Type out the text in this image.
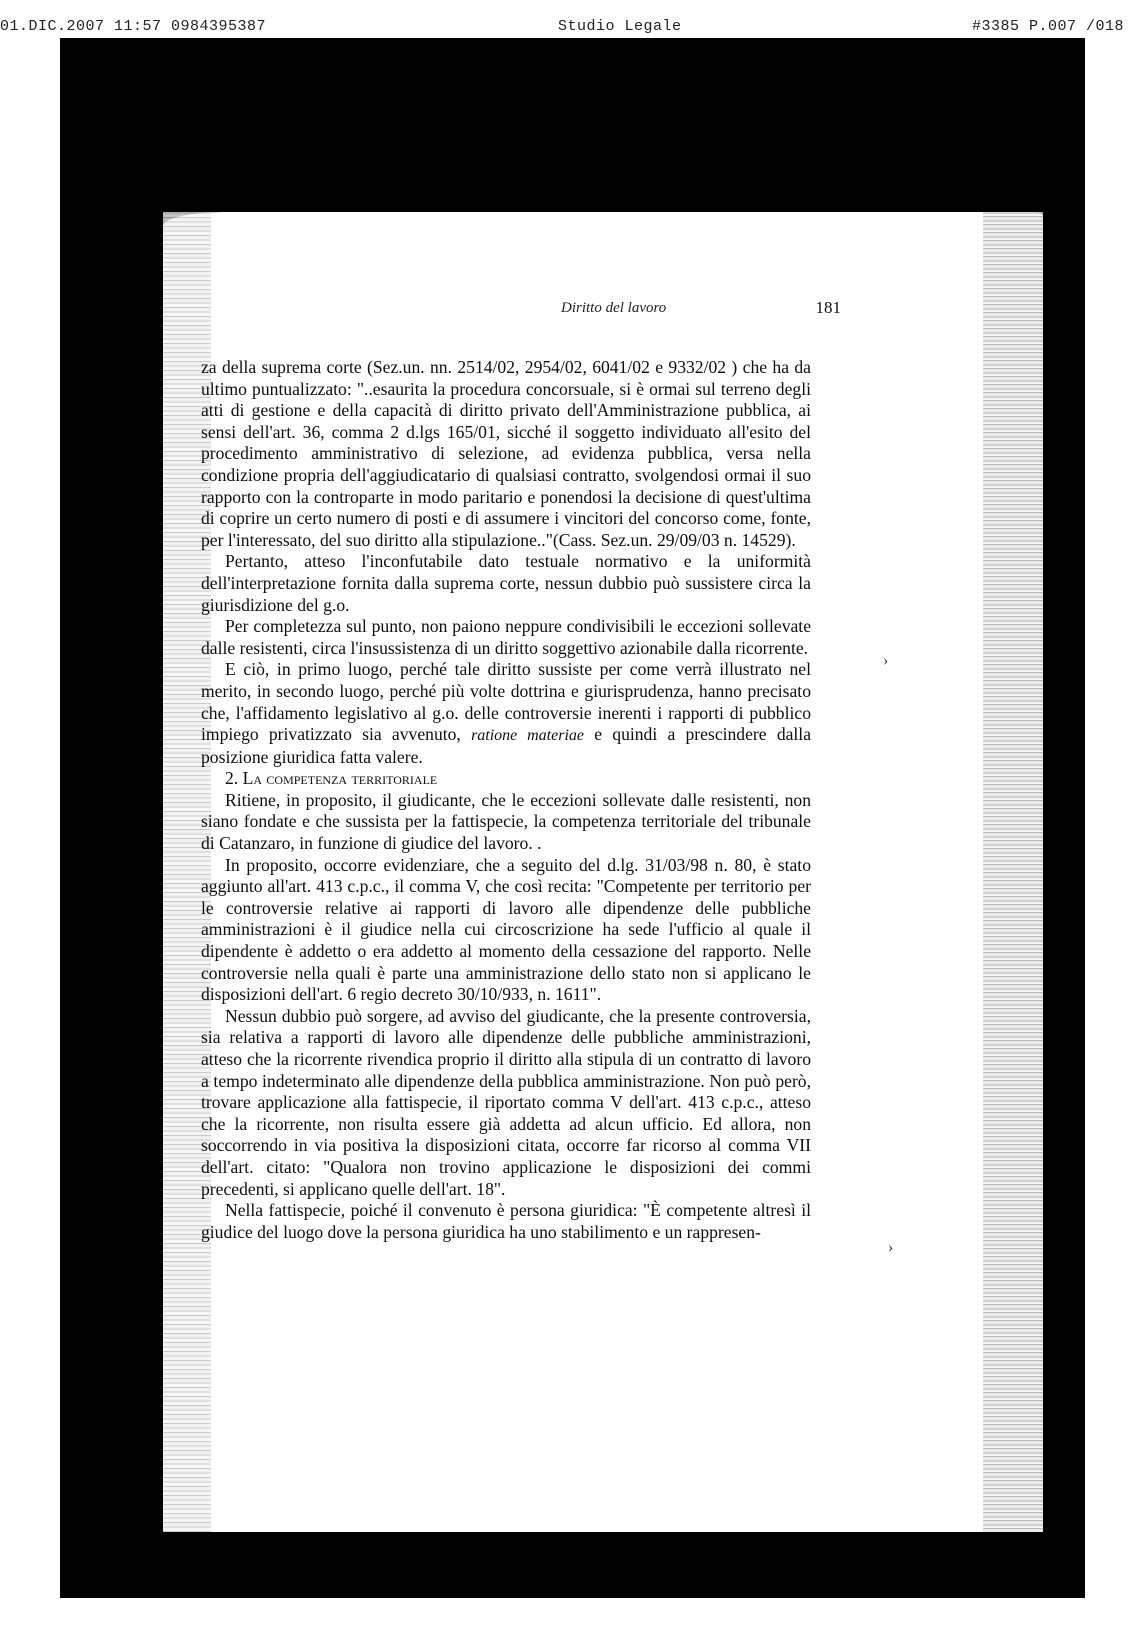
01.DIC.2007 11:57 0984395387	Studio Legale	#3385 P.007 /018
Diritto del lavoro	181

za della suprema corte (Sez.un. nn. 2514/02, 2954/02, 6041/02 e 9332/02 ) che ha da ultimo puntualizzato: "..esaurita la procedura concorsuale, si è ormai sul terreno degli atti di gestione e della capacità di diritto privato dell'Amministrazione pubblica, ai sensi dell'art. 36, comma 2 d.lgs 165/01, sicché il soggetto individuato all'esito del procedimento amministrativo di selezione, ad evidenza pubblica, versa nella condizione propria dell'aggiudicatario di qualsiasi contratto, svolgendosi ormai il suo rapporto con la controparte in modo paritario e ponendosi la decisione di quest'ultima di coprire un certo numero di posti e di assumere i vincitori del concorso come, fonte, per l'interessato, del suo diritto alla stipulazione.."(Cass. Sez.un. 29/09/03 n. 14529).

Pertanto, atteso l'inconfutabile dato testuale normativo e la uniformità dell'interpretazione fornita dalla suprema corte, nessun dubbio può sussistere circa la giurisdizione del g.o.

Per completezza sul punto, non paiono neppure condivisibili le eccezioni sollevate dalle resistenti, circa l'insussistenza di un diritto soggettivo azionabile dalla ricorrente.

E ciò, in primo luogo, perché tale diritto sussiste per come verrà illustrato nel merito, in secondo luogo, perché più volte dottrina e giurisprudenza, hanno precisato che, l'affidamento legislativo al g.o. delle controversie inerenti i rapporti di pubblico impiego privatizzato sia avvenuto, ratione materiae e quindi a prescindere dalla posizione giuridica fatta valere.

2. La competenza territoriale

Ritiene, in proposito, il giudicante, che le eccezioni sollevate dalle resistenti, non siano fondate e che sussista per la fattispecie, la competenza territoriale del tribunale di Catanzaro, in funzione di giudice del lavoro. .

In proposito, occorre evidenziare, che a seguito del d.lg. 31/03/98 n. 80, è stato aggiunto all'art. 413 c.p.c., il comma V, che così recita: "Competente per territorio per le controversie relative ai rapporti di lavoro alle dipendenze delle pubbliche amministrazioni è il giudice nella cui circoscrizione ha sede l'ufficio al quale il dipendente è addetto o era addetto al momento della cessazione del rapporto. Nelle controversie nella quali è parte una amministrazione dello stato non si applicano le disposizioni dell'art. 6 regio decreto 30/10/933, n. 1611".

Nessun dubbio può sorgere, ad avviso del giudicante, che la presente controversia, sia relativa a rapporti di lavoro alle dipendenze delle pubbliche amministrazioni, atteso che la ricorrente rivendica proprio il diritto alla stipula di un contratto di lavoro a tempo indeterminato alle dipendenze della pubblica amministrazione. Non può però, trovare applicazione alla fattispecie, il riportato comma V dell'art. 413 c.p.c., atteso che la ricorrente, non risulta essere già addetta ad alcun ufficio. Ed allora, non soccorrendo in via positiva la disposizioni citata, occorre far ricorso al comma VII dell'art. citato: "Qualora non trovino applicazione le disposizioni dei commi precedenti, si applicano quelle dell'art. 18".

Nella fattispecie, poiché il convenuto è persona giuridica: "È competente altresì il giudice del luogo dove la persona giuridica ha uno stabilimento e un rappresen-

›
›
